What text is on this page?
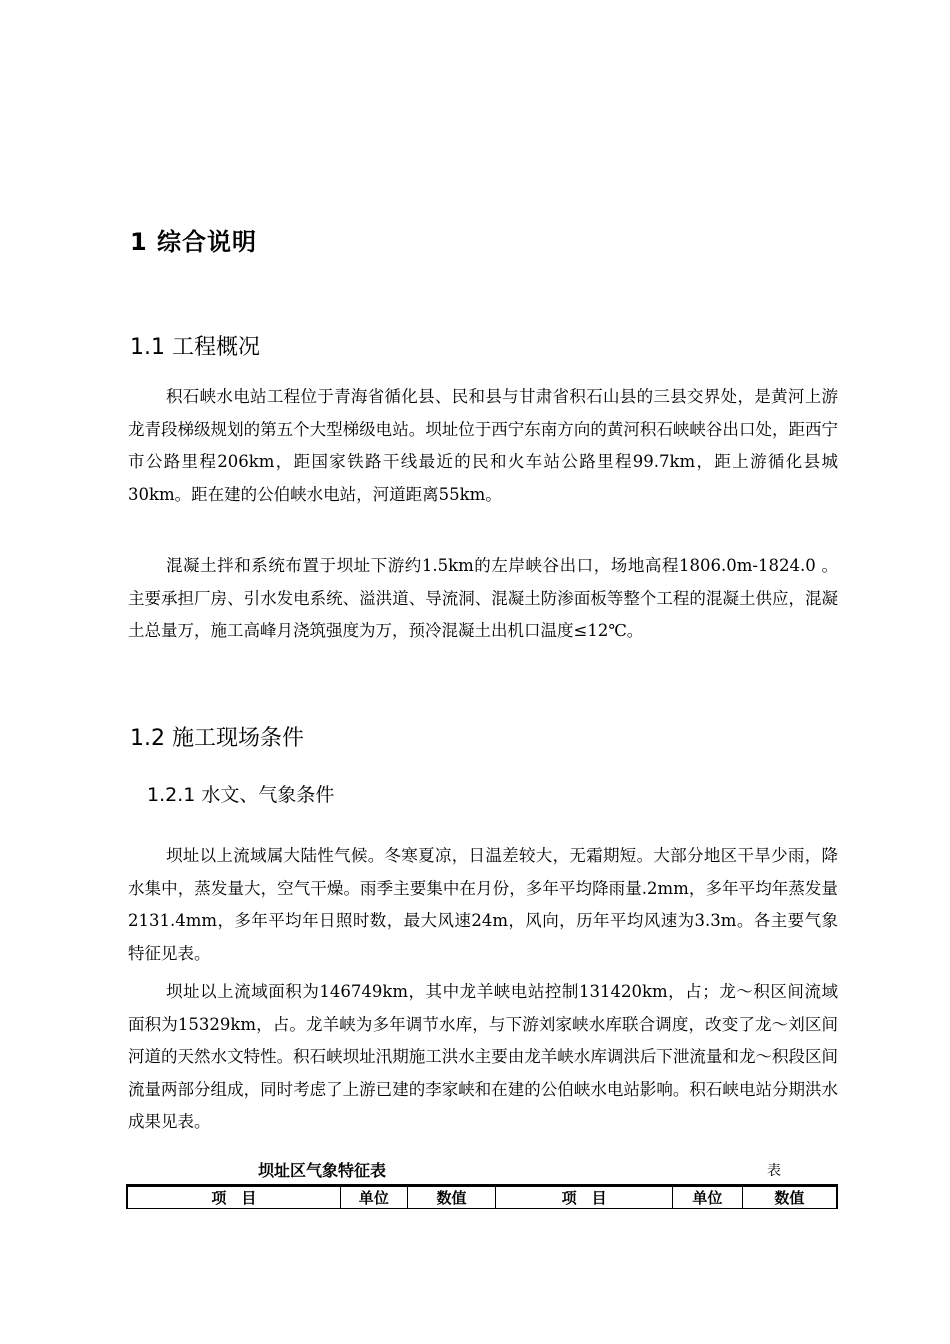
1 综合说明
1.1 工程概况

积石峡水电站工程位于青海省循化县、民和县与甘肃省积石山县的三县交界处，是黄河上游龙青段梯级规划的第五个大型梯级电站。坝址位于西宁东南方向的黄河积石峡峡谷出口处，距西宁市公路里程206km，距国家铁路干线最近的民和火车站公路里程99.7km，距上游循化县城30km。距在建的公伯峡水电站，河道距离55km。

混凝土拌和系统布置于坝址下游约1.5km的左岸峡谷出口，场地高程1806.0m-1824.0 。主要承担厂房、引水发电系统、溢洪道、导流洞、混凝土防渗面板等整个工程的混凝土供应，混凝土总量万，施工高峰月浇筑强度为万，预冷混凝土出机口温度≤12℃。

1.2 施工现场条件
1.2.1 水文、气象条件

坝址以上流域属大陆性气候。冬寒夏凉，日温差较大，无霜期短。大部分地区干旱少雨，降水集中，蒸发量大，空气干燥。雨季主要集中在月份，多年平均降雨量.2mm，多年平均年蒸发量2131.4mm，多年平均年日照时数，最大风速24m，风向，历年平均风速为3.3m。各主要气象特征见表。

坝址以上流域面积为146749km，其中龙羊峡电站控制131420km，占；龙～积区间流域面积为15329km，占。龙羊峡为多年调节水库，与下游刘家峡水库联合调度，改变了龙～刘区间河道的天然水文特性。积石峡坝址汛期施工洪水主要由龙羊峡水库调洪后下泄流量和龙～积段区间流量两部分组成，同时考虑了上游已建的李家峡和在建的公伯峡水电站影响。积石峡电站分期洪水成果见表。

坝址区气象特征表	表
项　目	单位	数值	项　目	单位	数值
